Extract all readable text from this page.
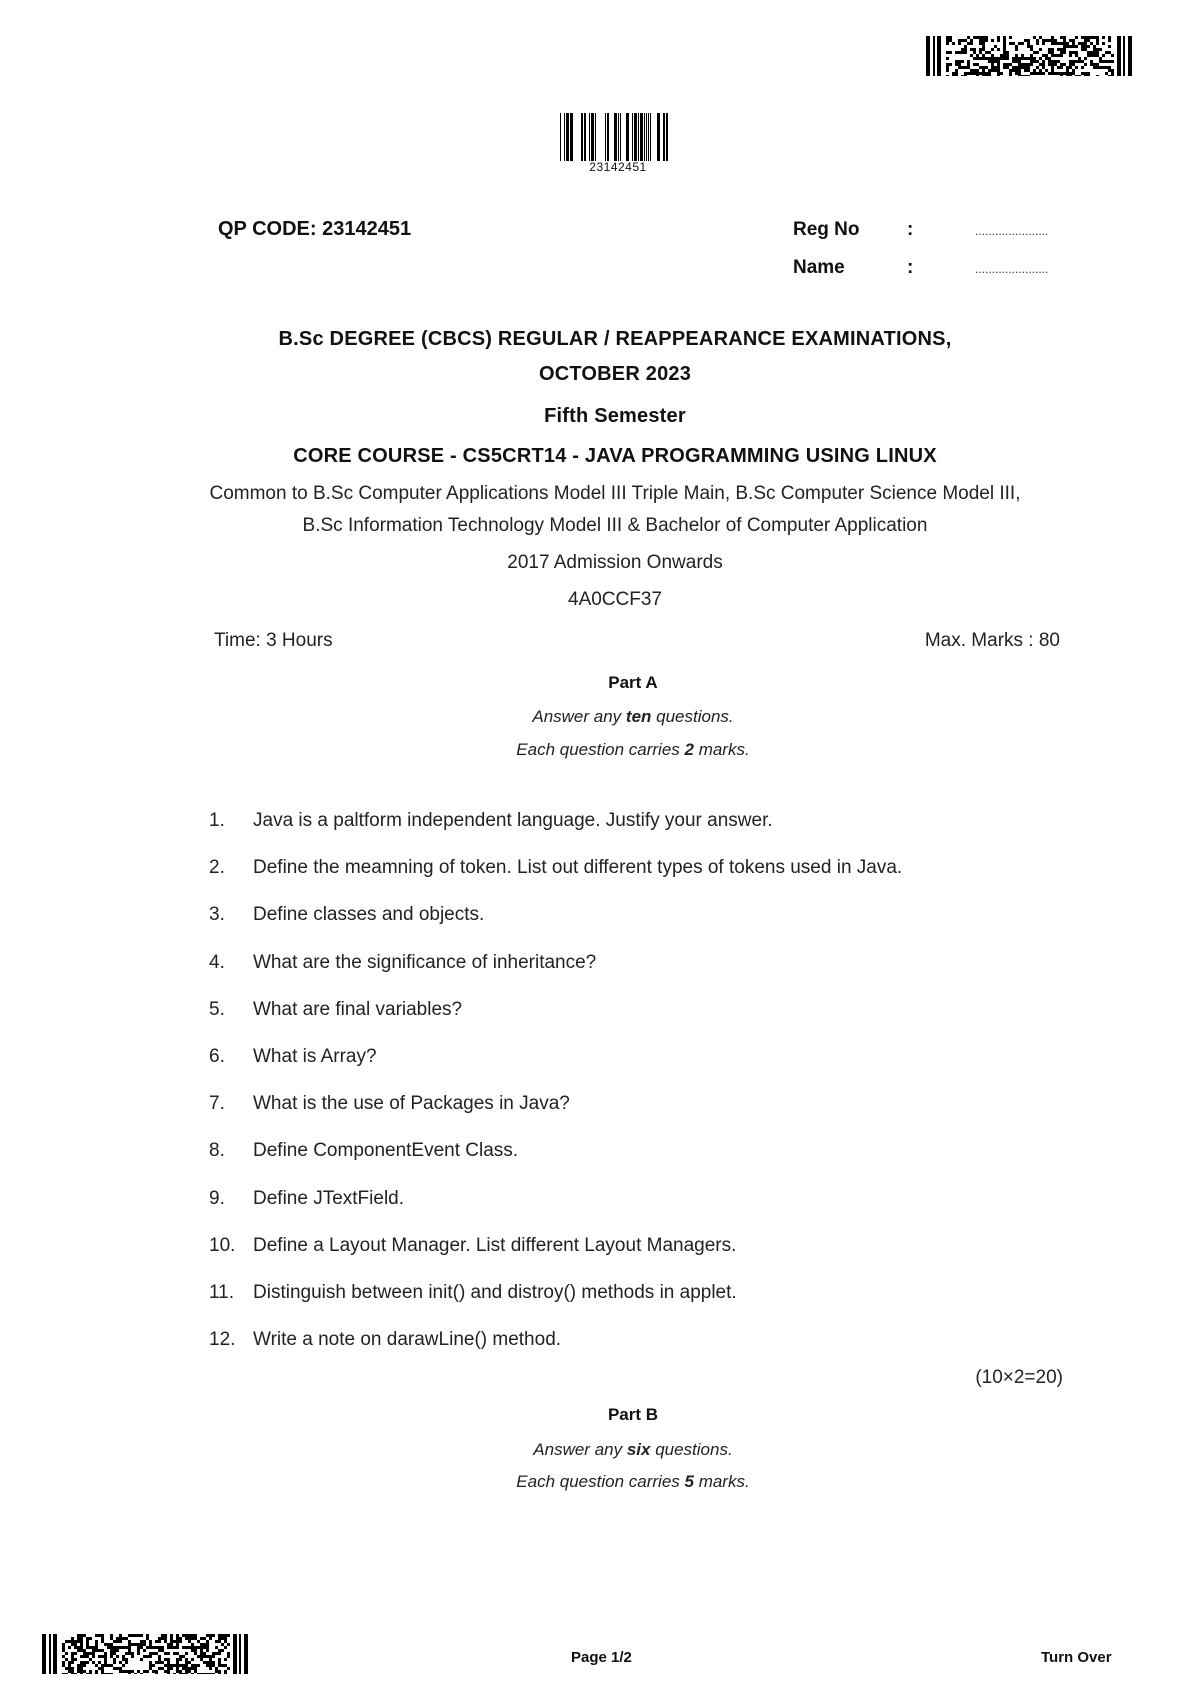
23142451
QP CODE: 23142451	Reg No	:	......................
Name	:	......................
B.Sc DEGREE (CBCS) REGULAR / REAPPEARANCE EXAMINATIONS,
OCTOBER 2023
Fifth Semester
CORE COURSE - CS5CRT14 - JAVA PROGRAMMING USING LINUX
Common to B.Sc Computer Applications Model III Triple Main, B.Sc Computer Science Model III,
B.Sc Information Technology Model III & Bachelor of Computer Application
2017 Admission Onwards
4A0CCF37
Time: 3 Hours	Max. Marks : 80
Part A
Answer any ten questions.
Each question carries 2 marks.
1. Java is a paltform independent language. Justify your answer.
2. Define the meamning of token. List out different types of tokens used in Java.
3. Define classes and objects.
4. What are the significance of inheritance?
5. What are final variables?
6. What is Array?
7. What is the use of Packages in Java?
8. Define ComponentEvent Class.
9. Define JTextField.
10. Define a Layout Manager. List different Layout Managers.
11. Distinguish between init() and distroy() methods in applet.
12. Write a note on darawLine() method.
(10×2=20)
Part B
Answer any six questions.
Each question carries 5 marks.
Page 1/2	Turn Over
